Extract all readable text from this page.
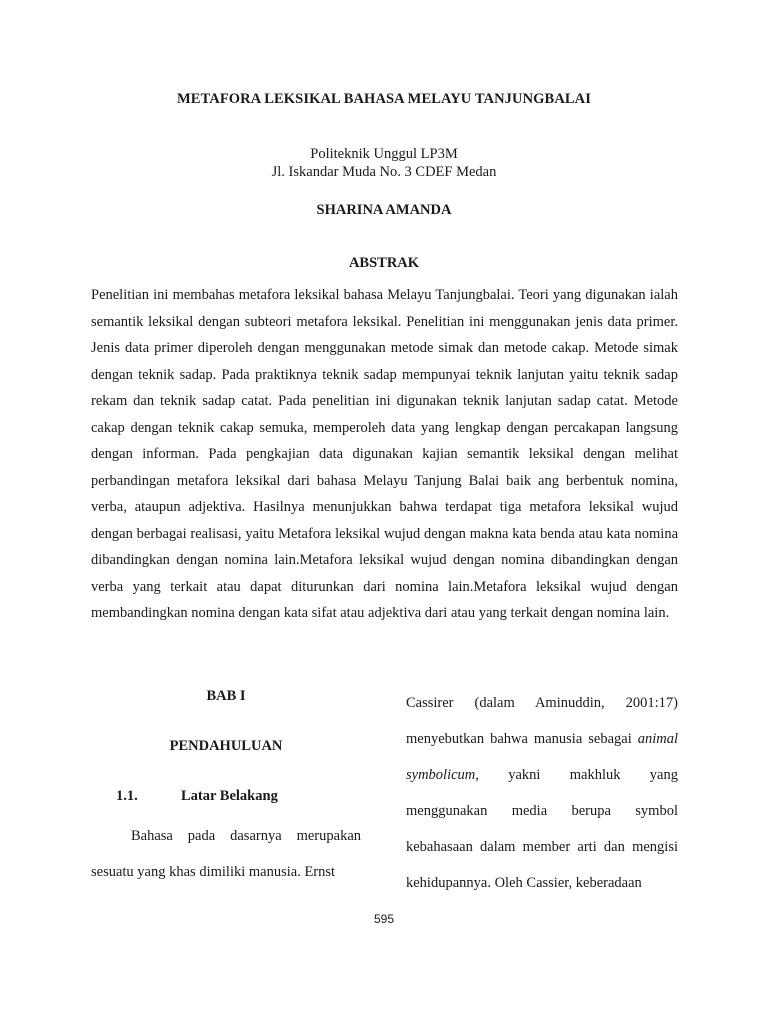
METAFORA LEKSIKAL BAHASA MELAYU TANJUNGBALAI
Politeknik Unggul LP3M
Jl. Iskandar Muda No. 3 CDEF Medan
SHARINA AMANDA
ABSTRAK

Penelitian ini membahas metafora leksikal bahasa Melayu Tanjungbalai. Teori yang digunakan ialah semantik leksikal dengan subteori metafora leksikal. Penelitian ini menggunakan jenis data primer. Jenis data primer diperoleh dengan menggunakan metode simak dan metode cakap. Metode simak dengan teknik sadap. Pada praktiknya teknik sadap mempunyai teknik lanjutan yaitu teknik sadap rekam dan teknik sadap catat. Pada penelitian ini digunakan teknik lanjutan sadap catat. Metode cakap dengan teknik cakap semuka, memperoleh data yang lengkap dengan percakapan langsung dengan informan. Pada pengkajian data digunakan kajian semantik leksikal dengan melihat perbandingan metafora leksikal dari bahasa Melayu Tanjung Balai baik ang berbentuk nomina, verba, ataupun adjektiva. Hasilnya menunjukkan bahwa terdapat tiga metafora leksikal wujud dengan berbagai realisasi, yaitu Metafora leksikal wujud dengan makna kata benda atau kata nomina dibandingkan dengan nomina lain.Metafora leksikal wujud dengan nomina dibandingkan dengan verba yang terkait atau dapat diturunkan dari nomina lain.Metafora leksikal wujud dengan membandingkan nomina dengan kata sifat atau adjektiva dari atau yang terkait dengan nomina lain.

BAB I
PENDAHULUAN
1.1.	Latar Belakang

Bahasa pada dasarnya merupakan sesuatu yang khas dimiliki manusia. Ernst

Cassirer (dalam Aminuddin, 2001:17) menyebutkan bahwa manusia sebagai animal symbolicum, yakni makhluk yang menggunakan media berupa symbol kebahasaan dalam member arti dan mengisi kehidupannya. Oleh Cassier, keberadaan

595
